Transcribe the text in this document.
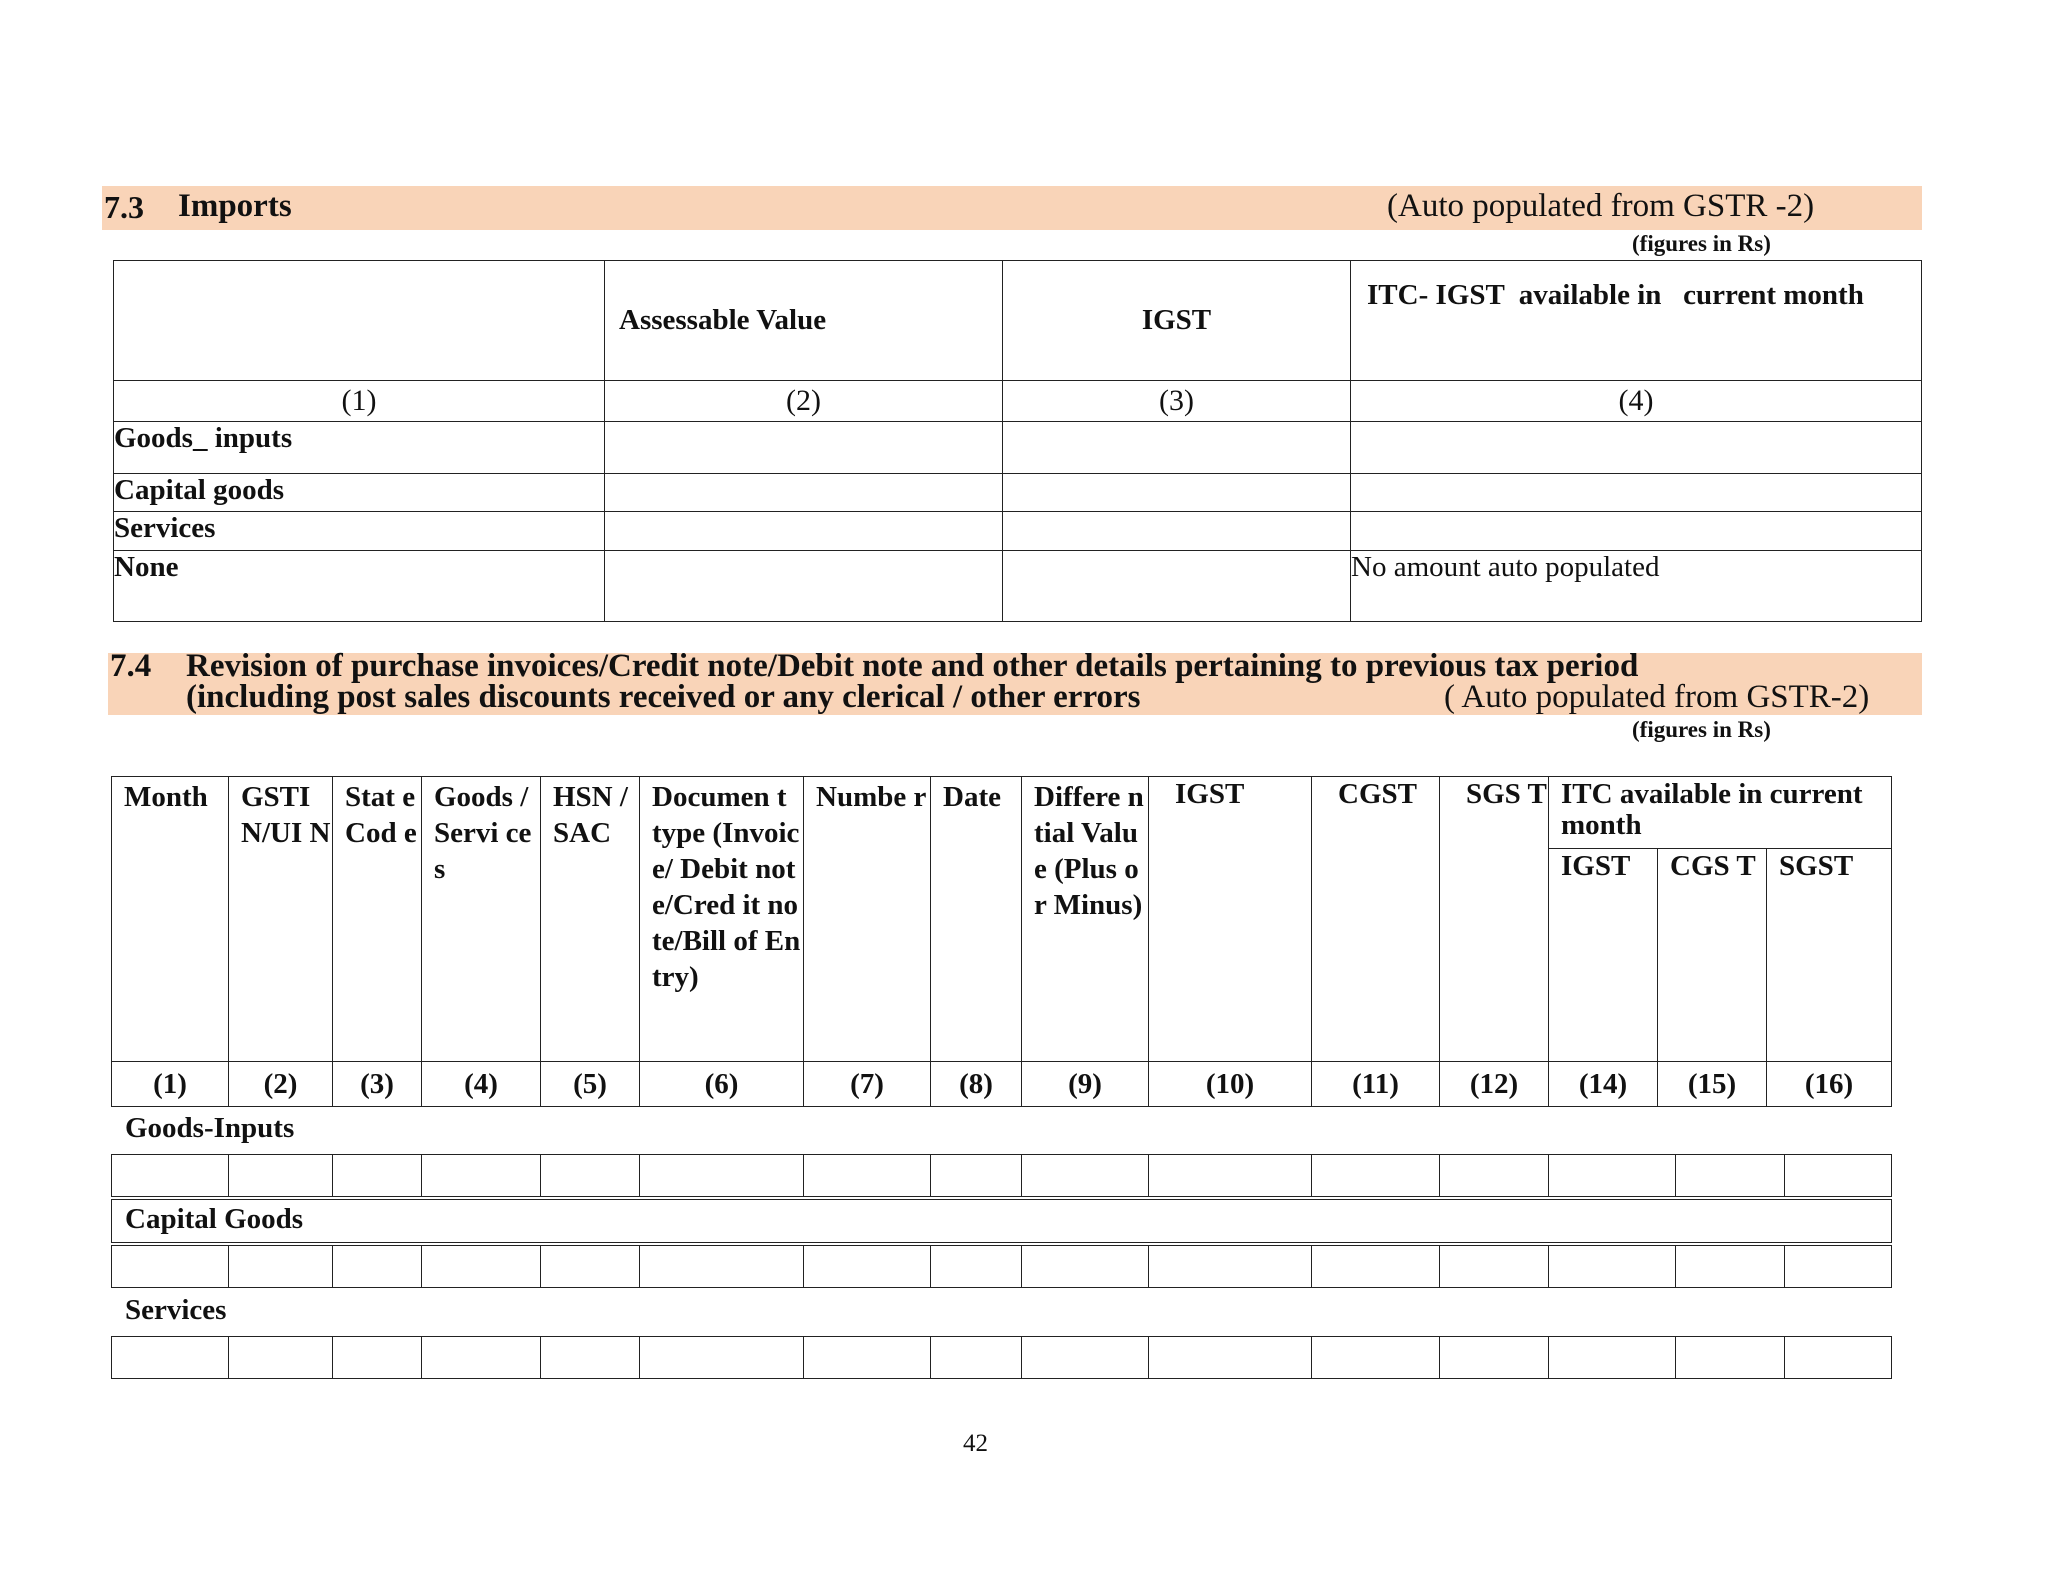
7.3 Imports	(Auto populated from GSTR -2)
(figures in Rs)
	Assessable Value	IGST	ITC- IGST  available in   current month
(1)	(2)	(3)	(4)
Goods_ inputs			
Capital goods			
Services			
None			No amount auto populated
7.4 Revision of purchase invoices/Credit note/Debit note and other details pertaining to previous tax period
(including post sales discounts received or any clerical / other errors	( Auto populated from GSTR-2)
(figures in Rs)
Month	GSTI N/UI N	Stat e Cod e	Goods /Servi ces	HSN /SAC	Documen t type (Invoice/ Debit note/Cred it note/Bill of Entry)	Numbe r	Date	Differe ntial Value (Plus or Minus)	IGST	CGST	SGS T	ITC available in current month		
												IGST	CGS T	SGST
(1)	(2)	(3)	(4)	(5)	(6)	(7)	(8)	(9)	(10)	(11)	(12)	(14)	(15)	(16)
Goods-Inputs

Capital Goods

Services

42
